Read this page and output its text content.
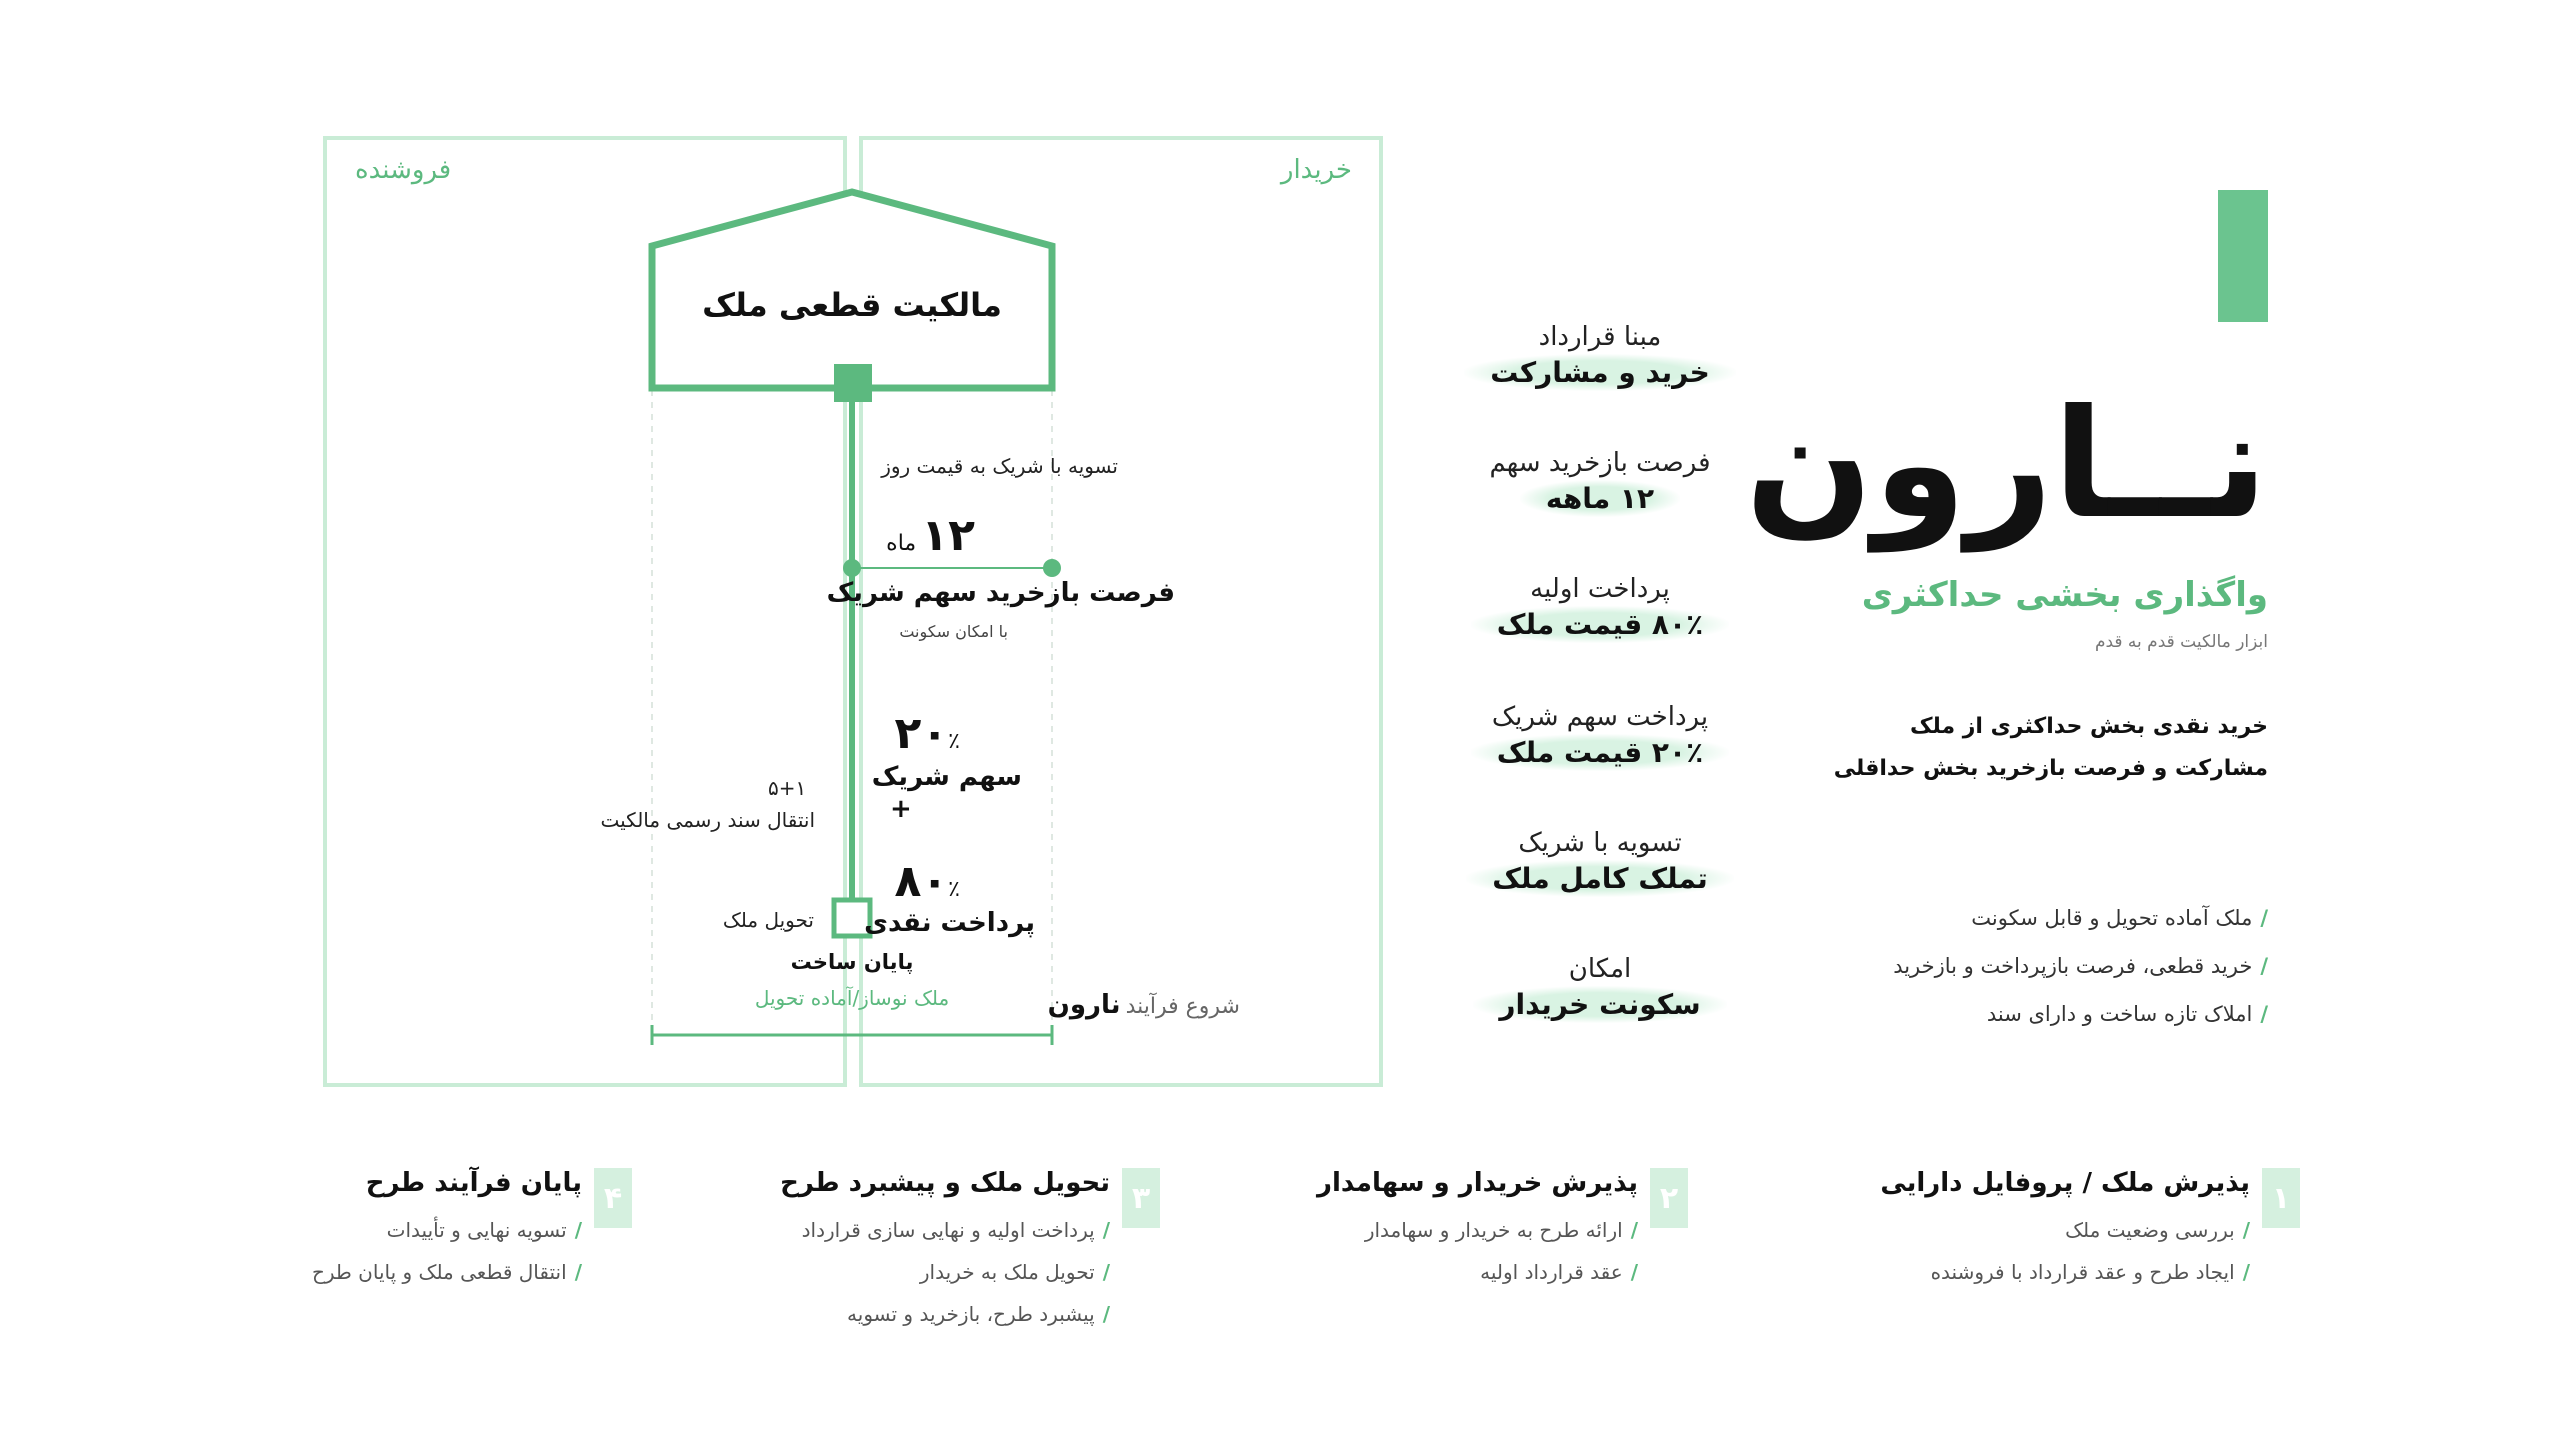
نــارون
واگذاری بخشی حداکثری
ابزار مالکیت قدم به قدم
خرید نقدی بخش حداکثری از ملک
مشارکت و فرصت بازخرید بخش حداقلی
/ملک آماده تحویل و قابل سکونت
/خرید قطعی، فرصت بازپرداخت و بازخرید
/املاک تازه ساخت و دارای سند
مبنا قرارداد
خرید و مشارکت
فرصت بازخرید سهم
۱۲ ماهه
پرداخت اولیه
۸۰٪ قیمت ملک
پرداخت سهم شریک
۲۰٪ قیمت ملک
تسویه با شریک
تملک کامل ملک
امکان
سکونت خریدار
فروشنده	خریدار
مالکیت قطعی ملک
تسویه با شریک به قیمت روز
۱۲ ماه
فرصت بازخرید سهم شریک
با امکان سکونت
۲۰٪
سهم شریک
+
۸۰٪
پرداخت نقدی
۵+۱
انتقال سند رسمی مالکیت
تحویل ملک
پایان ساخت
ملک نوساز/آماده تحویل	شروع فرآیند نارون
۱
پذیرش ملک / پروفایل دارایی
/بررسی وضعیت ملک
/ایجاد طرح و عقد قرارداد با فروشنده
۲
پذیرش خریدار و سهامدار
/ارائه طرح به خریدار و سهامدار
/عقد قرارداد اولیه
۳
تحویل ملک و پیشبرد طرح
/پرداخت اولیه و نهایی سازی قرارداد
/تحویل ملک به خریدار
/پیشبرد طرح، بازخرید و تسویه
۴
پایان فرآیند طرح
/تسویه نهایی و تأییدات
/انتقال قطعی ملک و پایان طرح
